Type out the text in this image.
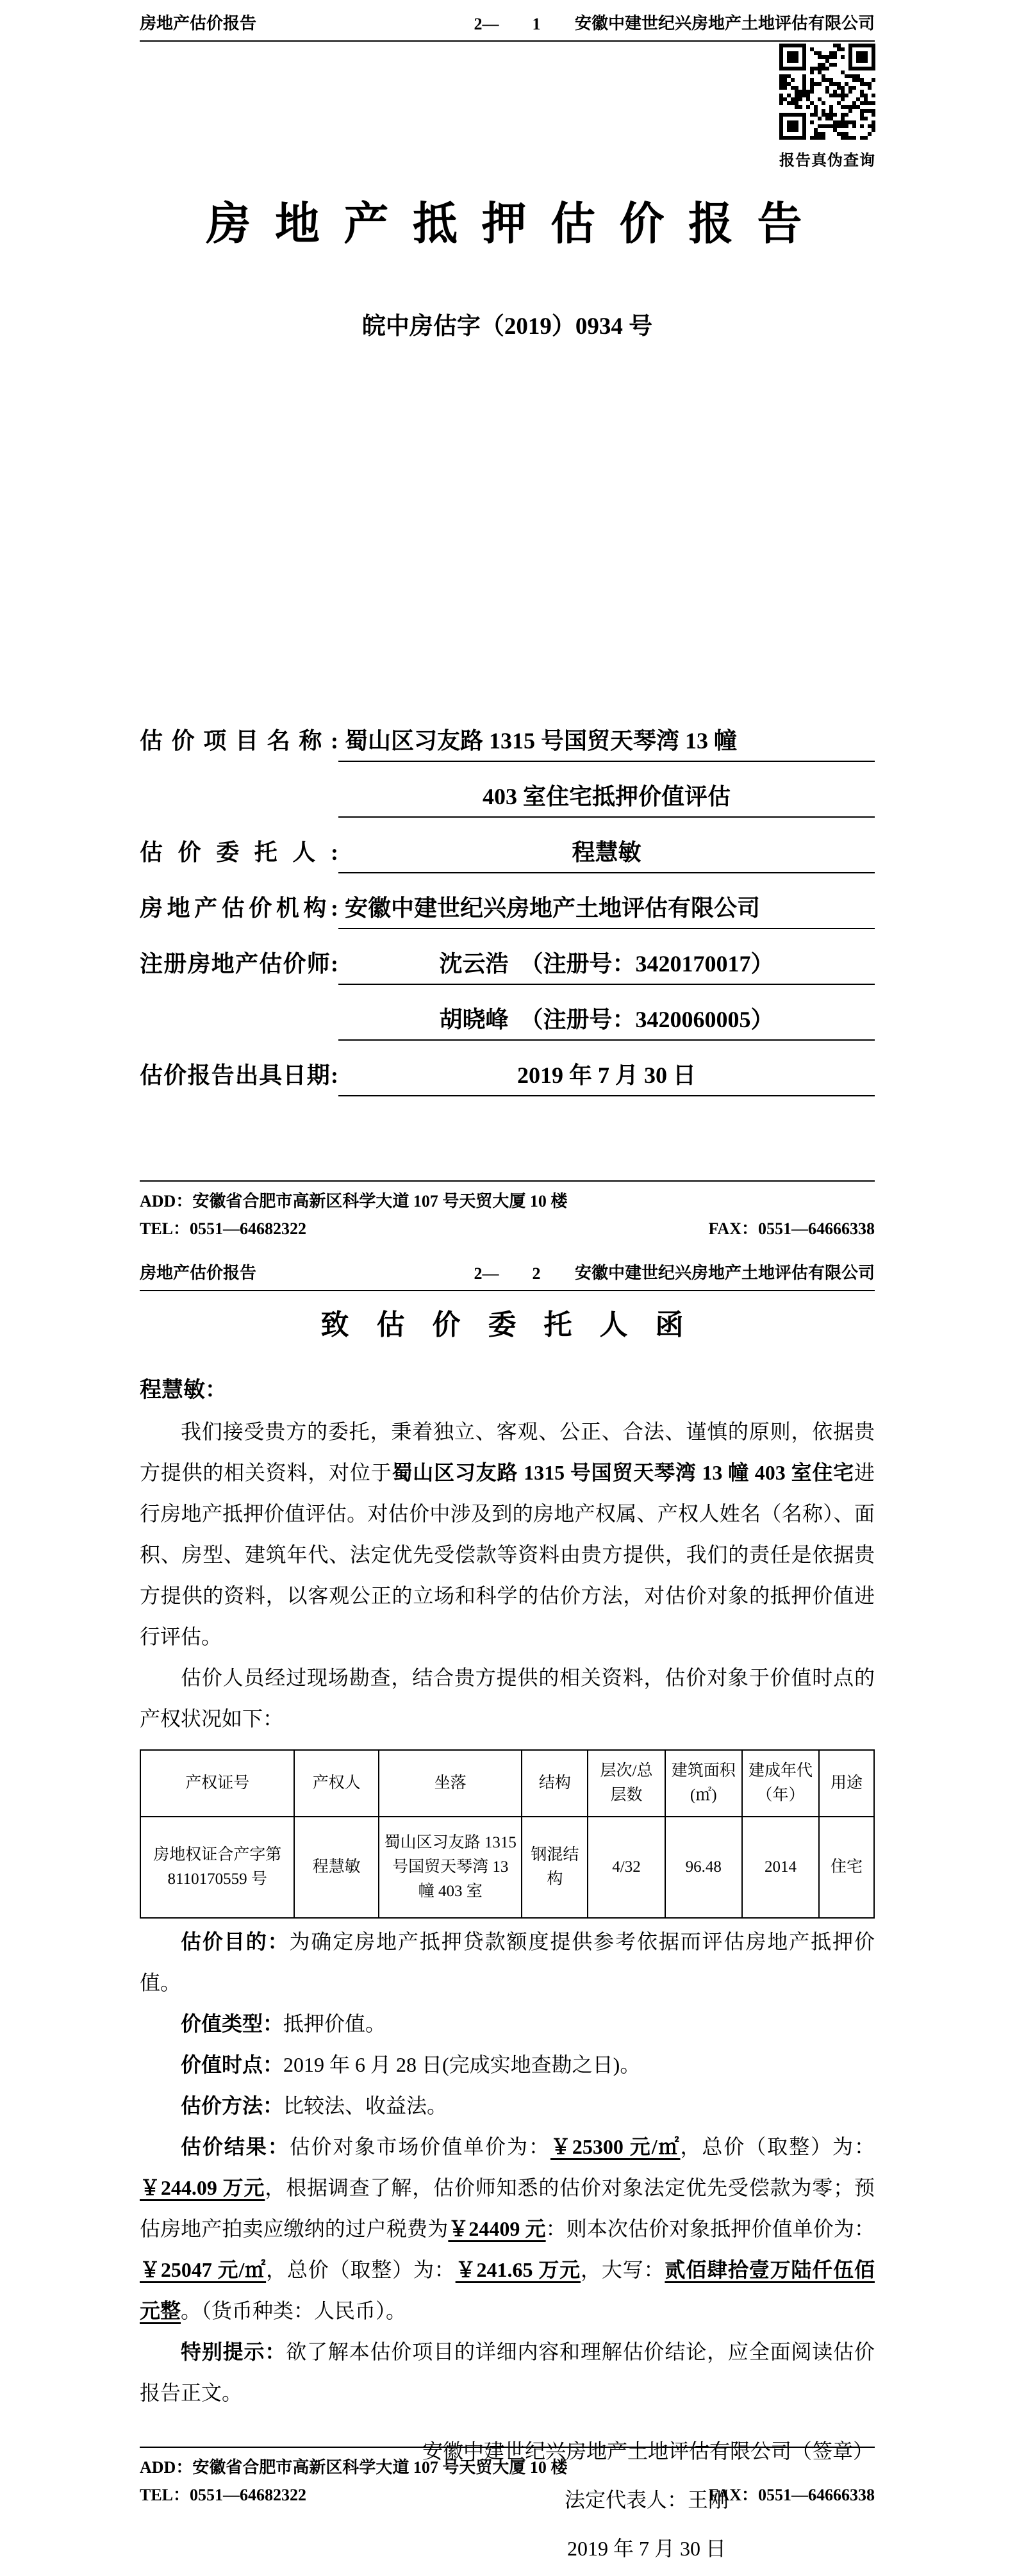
房地产估价报告	2—        1	安徽中建世纪兴房地产土地评估有限公司
房 地 产 抵 押 估 价 报 告
皖中房估字（2019）0934 号
估价项目名称: 蜀山区习友路 1315 号国贸天琴湾 13 幢
403 室住宅抵押价值评估
估价委托人:	程慧敏
房地产估价机构: 安徽中建世纪兴房地产土地评估有限公司
注册房地产估价师:	沈云浩　（注册号：3420170017）
胡晓峰　（注册号：3420060005）
估价报告出具日期:	2019 年 7 月 30 日
报告真伪查询
ADD：安徽省合肥市高新区科学大道 107 号天贸大厦 10 楼
TEL：0551—64682322	FAX：0551—64666338
房地产估价报告	2—        2	安徽中建世纪兴房地产土地评估有限公司
致 估 价 委 托 人 函

程慧敏：

我们接受贵方的委托，秉着独立、客观、公正、合法、谨慎的原则，依据贵方提供的相关资料，对位于蜀山区习友路 1315 号国贸天琴湾 13 幢 403 室住宅进行房地产抵押价值评估。对估价中涉及到的房地产权属、产权人姓名（名称）、面积、房型、建筑年代、法定优先受偿款等资料由贵方提供，我们的责任是依据贵方提供的资料，以客观公正的立场和科学的估价方法，对估价对象的抵押价值进行评估。

估价人员经过现场勘查，结合贵方提供的相关资料，估价对象于价值时点的产权状况如下：

产权证号	产权人	坐落	结构	层次/总层数	建筑面积(㎡)	建成年代（年）	用途
房地权证合产字第 8110170559 号	程慧敏	蜀山区习友路 1315 号国贸天琴湾 13 幢 403 室	钢混结构	4/32	96.48	2014	住宅

估价目的：为确定房地产抵押贷款额度提供参考依据而评估房地产抵押价值。

价值类型：抵押价值。

价值时点：2019 年 6 月 28 日(完成实地查勘之日)。

估价方法：比较法、收益法。

估价结果：估价对象市场价值单价为：￥25300 元/㎡，总价（取整）为：￥244.09 万元，根据调查了解，估价师知悉的估价对象法定优先受偿款为零；预估房地产拍卖应缴纳的过户税费为￥24409 元：则本次估价对象抵押价值单价为：￥25047 元/㎡，总价（取整）为：￥241.65 万元，大写：贰佰肆拾壹万陆仟伍佰元整。（货币种类：人民币）。

特别提示：欲了解本估价项目的详细内容和理解估价结论，应全面阅读估价报告正文。

安徽中建世纪兴房地产土地评估有限公司（签章）

法定代表人：王刚

2019 年 7 月 30 日

ADD：安徽省合肥市高新区科学大道 107 号天贸大厦 10 楼
TEL：0551—64682322	FAX：0551—64666338
